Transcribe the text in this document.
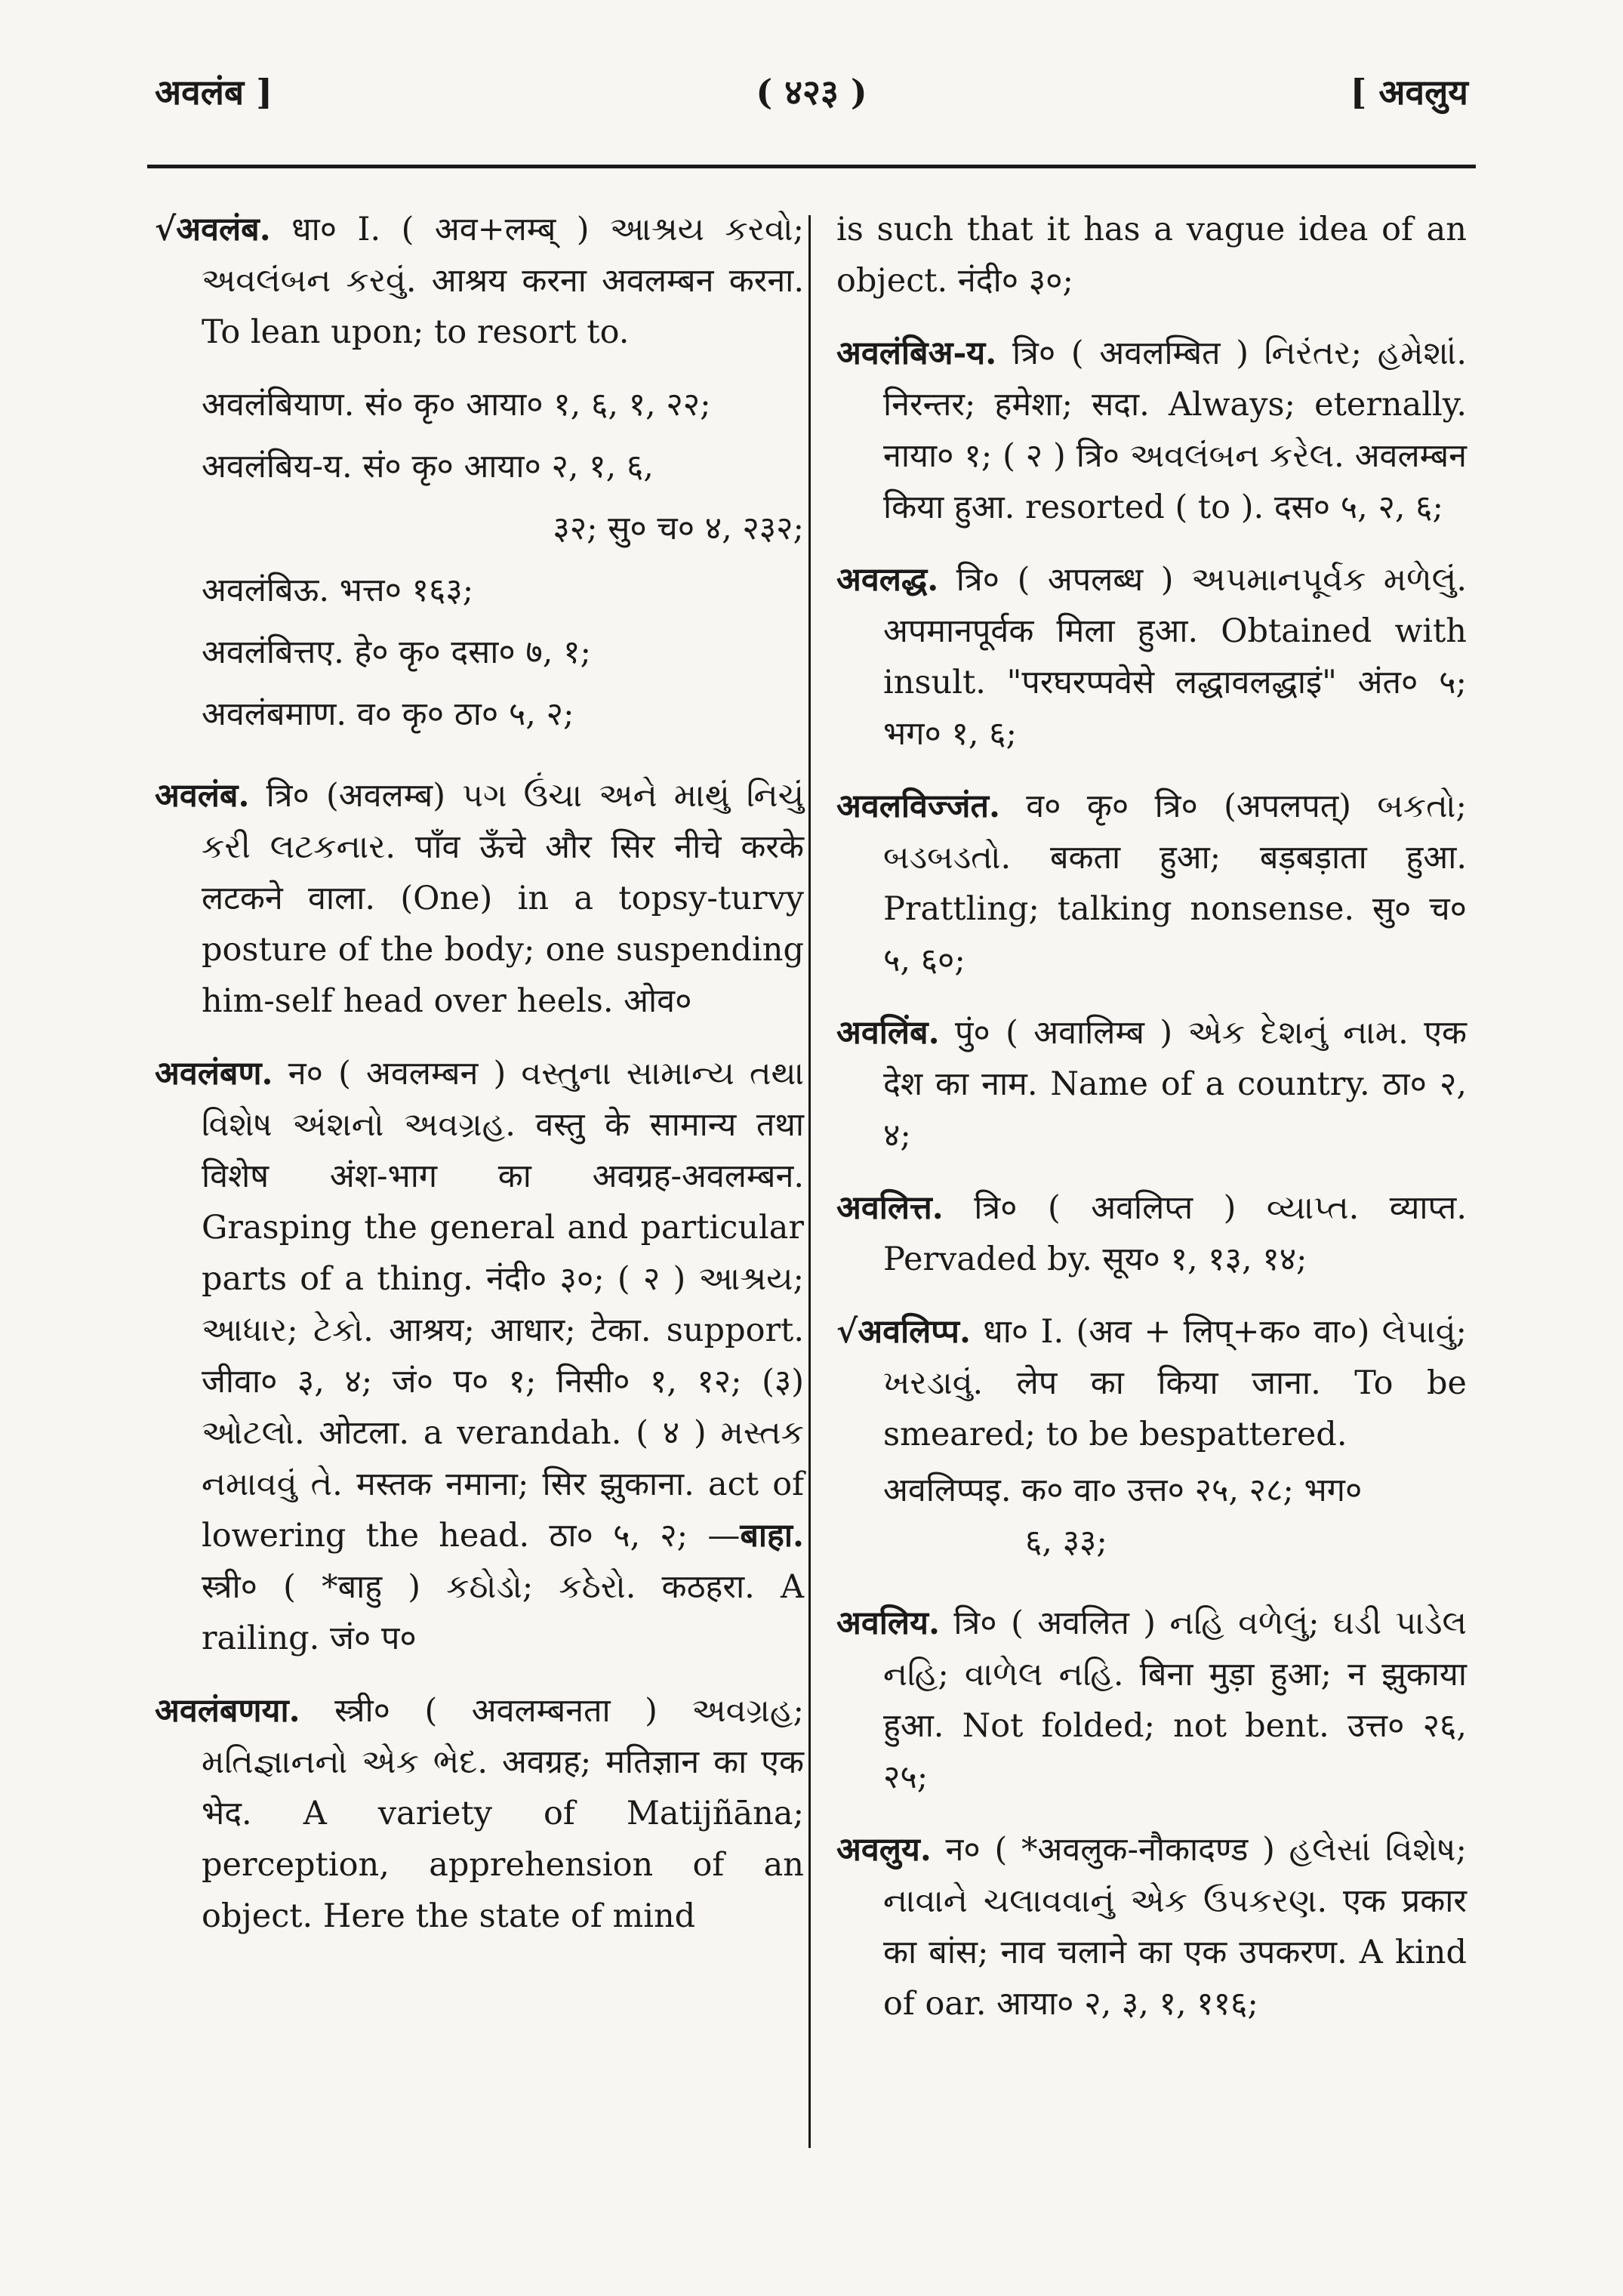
अवलंब ]	( ४२३ )	[ अवलुय

√अवलंब. धा० I. ( अव+लम्ब् ) આશ્રય કરવો; અવલંબન કરવું. आश्रय करना अवलम्बन करना. To lean upon; to resort to.

अवलंबियाण. सं० कृ० आया० १, ६, १, २२;
अवलंबिय-य. सं० कृ० आया० २, १, ६,
३२; सु० च० ४, २३२;
अवलंबिऊ. भत्त० १६३;
अवलंबित्तए. हे० कृ० दसा० ७, १;
अवलंबमाण. व० कृ० ठा० ५, २;

अवलंब. त्रि० (अवलम्ब) પગ ઉંચા અને માથું નિચું કરી લટકનાર. पाँव ऊँचे और सिर नीचे करके लटकने वाला. (One) in a topsy-turvy posture of the body; one suspending him-self head over heels. ओव०

अवलंबण. न० ( अवलम्बन ) વસ્તુના સામાન્ય તથા વિશેષ અંશનો અવગ્રહ. वस्तु के सामान्य तथा विशेष अंश-भाग का अवग्रह-अवलम्बन. Grasping the general and particular parts of a thing. नंदी० ३०; ( २ ) આશ્રય; આધાર; ટેકો. आश्रय; आधार; टेका. support. जीवा० ३, ४; जं० प० १; निसी० १, १२; (३) ઓટલો. ओटला. a verandah. ( ४ ) મસ્તક નમાવવું તે. मस्तक नमाना; सिर झुकाना. act of lowering the head. ठा० ५, २; —बाहा. स्त्री० ( *बाहु ) કઠોડો; કઠેરો. कठहरा. A railing. जं० प०

अवलंबणया. स्त्री० ( अवलम्बनता ) અવગ્રહ; મતિજ્ઞાનનો એક ભેદ. अवग्रह; मतिज्ञान का एक भेद. A variety of Matijñāna; perception, apprehension of an object. Here the state of mind

is such that it has a vague idea of an object. नंदी० ३०;

अवलंबिअ-य. त्रि० ( अवलम्बित ) નિરંતર; હમેશાં. निरन्तर; हमेशा; सदा. Always; eternally. नाया० १; ( २ ) त्रि० અવલંબન કરેલ. अवलम्बन किया हुआ. resorted ( to ). दस० ५, २, ६;

अवलद्ध. त्रि० ( अपलब्ध ) અપમાનપૂર્વક મળેલું. अपमानपूर्वक मिला हुआ. Obtained with insult. "परघरप्पवेसे लद्धावलद्धाइं" अंत० ५; भग० १, ६;

अवलविज्जंत. व० कृ० त्रि० (अपलपत्) બકતો; બડબડતો. बकता हुआ; बड़बड़ाता हुआ. Prattling; talking nonsense. सु० च० ५, ६०;

अवलिंब. पुं० ( अवालिम्ब ) એક દેશનું નામ. एक देश का नाम. Name of a country. ठा० २, ४;

अवलित्त. त्रि० ( अवलिप्त ) વ્યાપ્ત. व्याप्त. Pervaded by. सूय० १, १३, १४;

√अवलिप्प. धा० I. (अव + लिप्+क० वा०) લેપાવું; ખરડાવું. लेप का किया जाना. To be smeared; to be bespattered.

अवलिप्पइ. क० वा० उत्त० २५, २८; भग०
६, ३३;

अवलिय. त्रि० ( अवलित ) નહિ વળેલું; ઘડી પાડેલ નહિ; વાળેલ નહિ. बिना मुड़ा हुआ; न झुकाया हुआ. Not folded; not bent. उत्त० २६, २५;

अवलुय. न० ( *अवलुक-नौकादण्ड ) હલેસાં વિશેષ; નાવાને ચલાવવાનું એક ઉપકરણ. एक प्रकार का बांस; नाव चलाने का एक उपकरण. A kind of oar. आया० २, ३, १, ११६;
